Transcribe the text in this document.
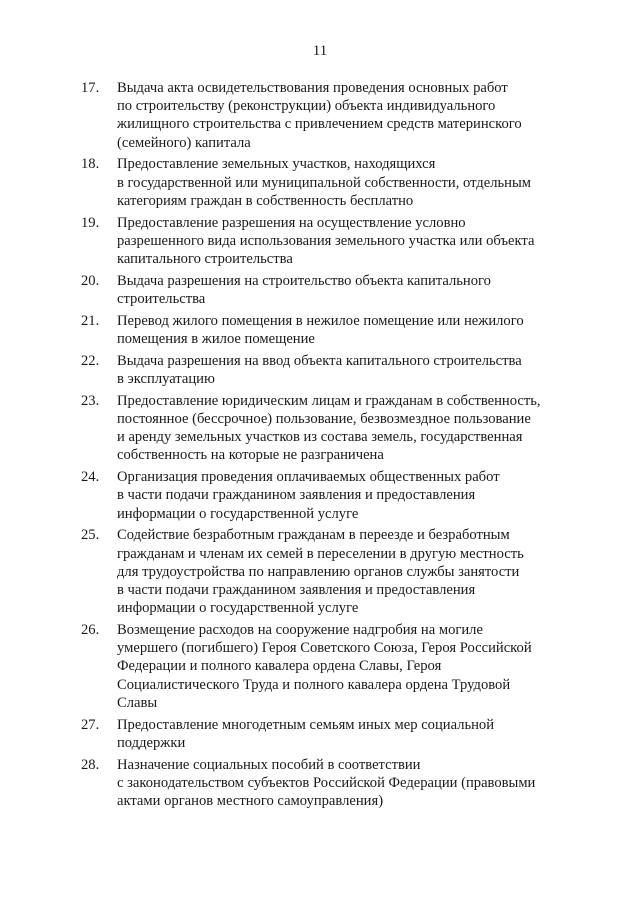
11
17.	Выдача акта освидетельствования проведения основных работ
по строительству (реконструкции) объекта индивидуального
жилищного строительства с привлечением средств материнского
(семейного) капитала
18.	Предоставление земельных участков, находящихся
в государственной или муниципальной собственности, отдельным
категориям граждан в собственность бесплатно
19.	Предоставление разрешения на осуществление условно
разрешенного вида использования земельного участка или объекта
капитального строительства
20.	Выдача разрешения на строительство объекта капитального
строительства
21.	Перевод жилого помещения в нежилое помещение или нежилого
помещения в жилое помещение
22.	Выдача разрешения на ввод объекта капитального строительства
в эксплуатацию
23.	Предоставление юридическим лицам и гражданам в собственность,
постоянное (бессрочное) пользование, безвозмездное пользование
и аренду земельных участков из состава земель, государственная
собственность на которые не разграничена
24.	Организация проведения оплачиваемых общественных работ
в части подачи гражданином заявления и предоставления
информации о государственной услуге
25.	Содействие безработным гражданам в переезде и безработным
гражданам и членам их семей в переселении в другую местность
для трудоустройства по направлению органов службы занятости
в части подачи гражданином заявления и предоставления
информации о государственной услуге
26.	Возмещение расходов на сооружение надгробия на могиле
умершего (погибшего) Героя Советского Союза, Героя Российской
Федерации и полного кавалера ордена Славы, Героя
Социалистического Труда и полного кавалера ордена Трудовой
Славы
27.	Предоставление многодетным семьям иных мер социальной
поддержки
28.	Назначение социальных пособий в соответствии
с законодательством субъектов Российской Федерации (правовыми
актами органов местного самоуправления)
